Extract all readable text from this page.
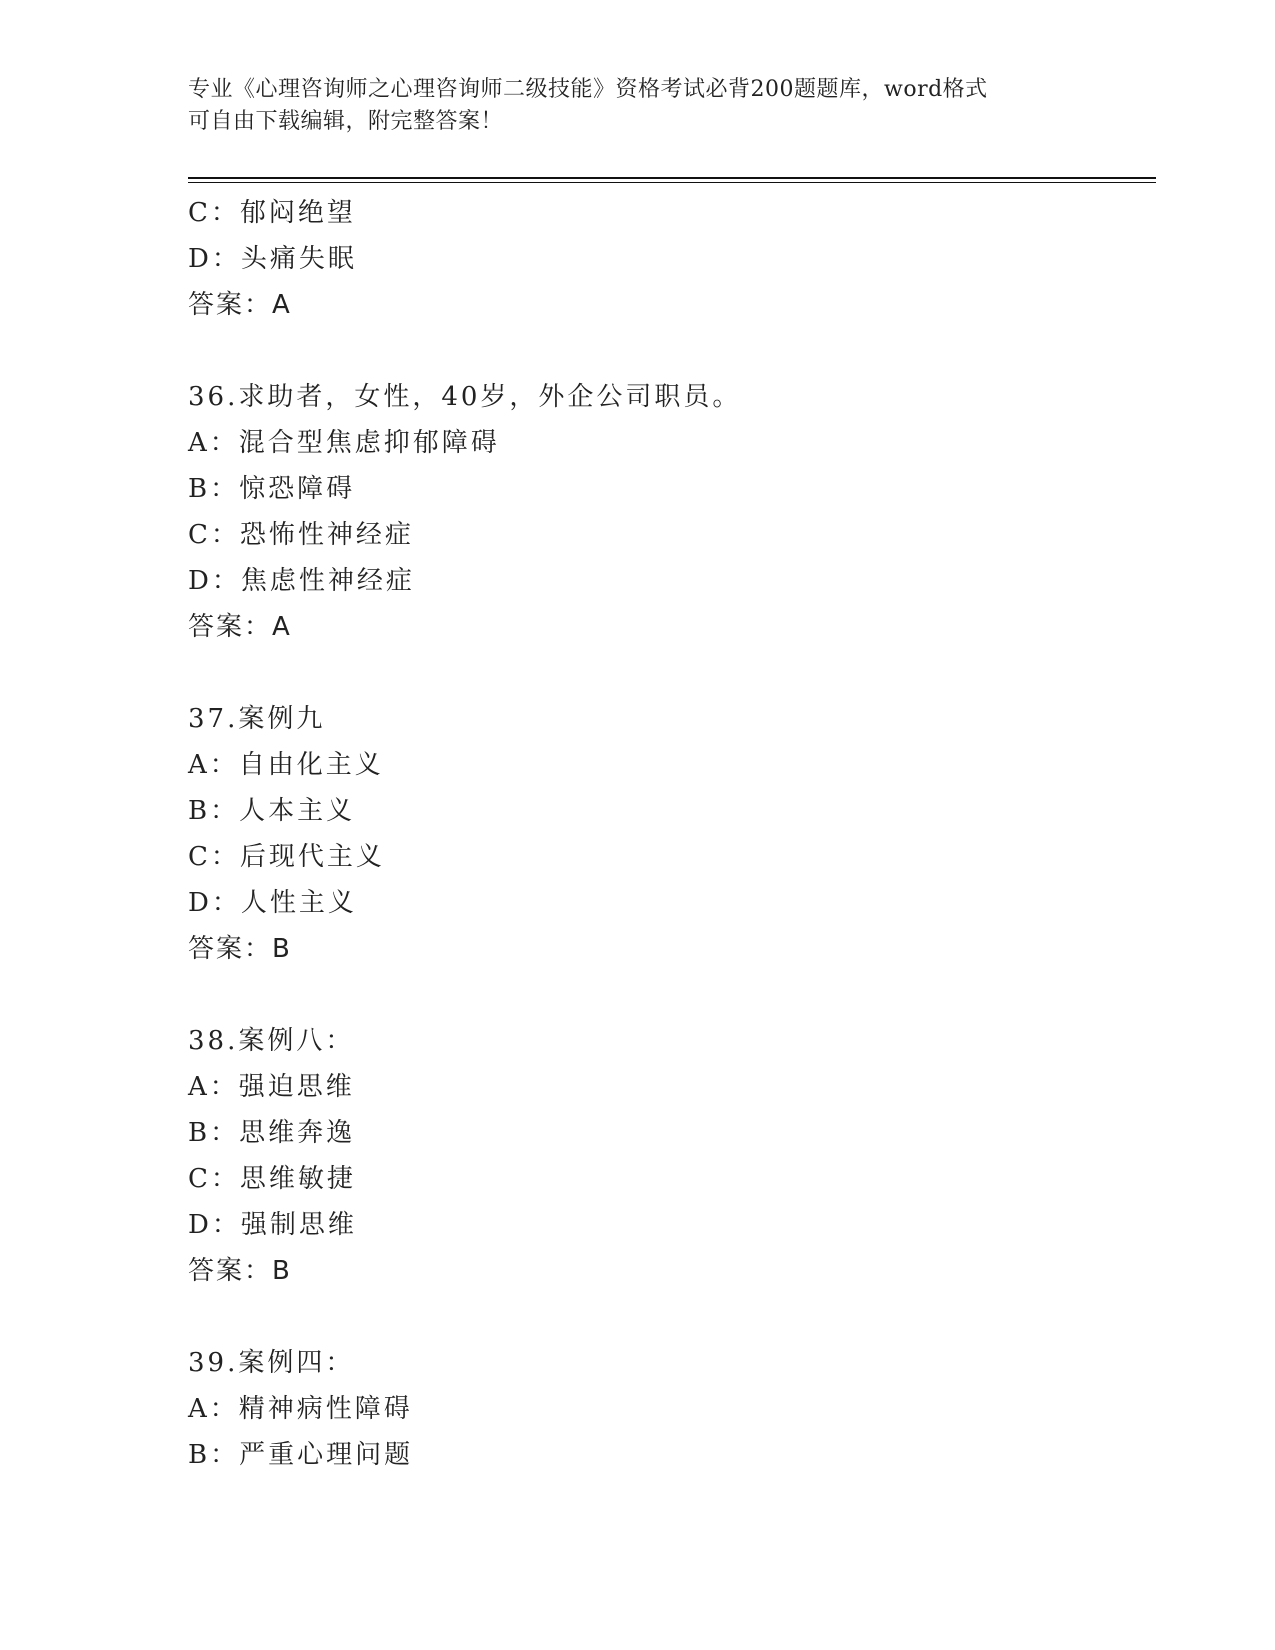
专业《心理咨询师之心理咨询师二级技能》资格考试必背200题题库，word格式
可自由下载编辑，附完整答案！
C：郁闷绝望
D：头痛失眠
答案：A
36.求助者，女性，40岁，外企公司职员。
A：混合型焦虑抑郁障碍
B：惊恐障碍
C：恐怖性神经症
D：焦虑性神经症
答案：A
37.案例九
A：自由化主义
B：人本主义
C：后现代主义
D：人性主义
答案：B
38.案例八：
A：强迫思维
B：思维奔逸
C：思维敏捷
D：强制思维
答案：B
39.案例四：
A：精神病性障碍
B：严重心理问题
